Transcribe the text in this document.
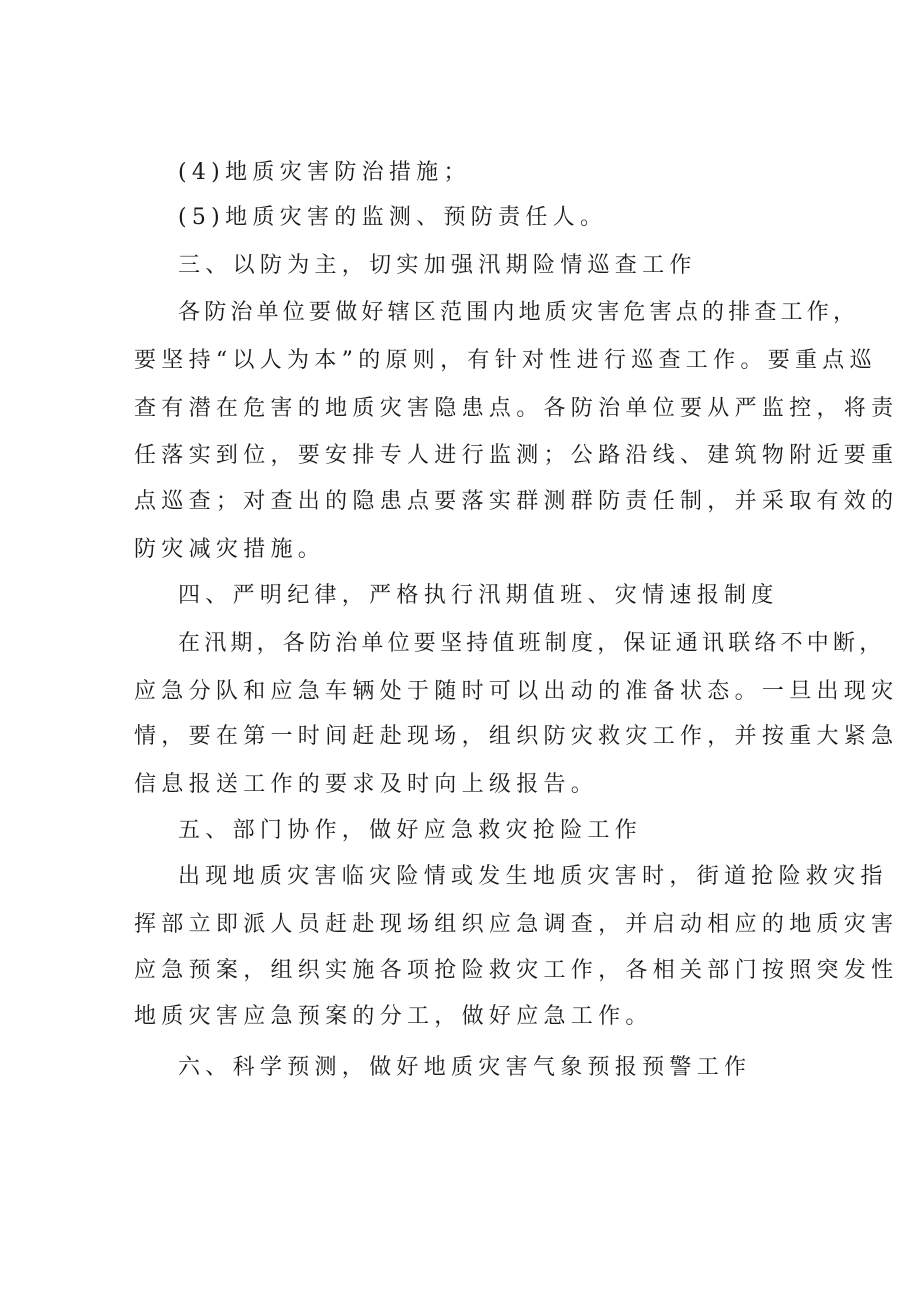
(4)地质灾害防治措施；
(5)地质灾害的监测、预防责任人。
三、以防为主，切实加强汛期险情巡查工作
各防治单位要做好辖区范围内地质灾害危害点的排查工作，
要坚持“以人为本”的原则，有针对性进行巡查工作。要重点巡
查有潜在危害的地质灾害隐患点。各防治单位要从严监控，将责
任落实到位，要安排专人进行监测；公路沿线、建筑物附近要重
点巡查；对查出的隐患点要落实群测群防责任制，并采取有效的
防灾减灾措施。
四、严明纪律，严格执行汛期值班、灾情速报制度
在汛期，各防治单位要坚持值班制度，保证通讯联络不中断，
应急分队和应急车辆处于随时可以出动的准备状态。一旦出现灾
情，要在第一时间赶赴现场，组织防灾救灾工作，并按重大紧急
信息报送工作的要求及时向上级报告。
五、部门协作，做好应急救灾抢险工作
出现地质灾害临灾险情或发生地质灾害时，街道抢险救灾指
挥部立即派人员赶赴现场组织应急调查，并启动相应的地质灾害
应急预案，组织实施各项抢险救灾工作，各相关部门按照突发性
地质灾害应急预案的分工，做好应急工作。
六、科学预测，做好地质灾害气象预报预警工作
